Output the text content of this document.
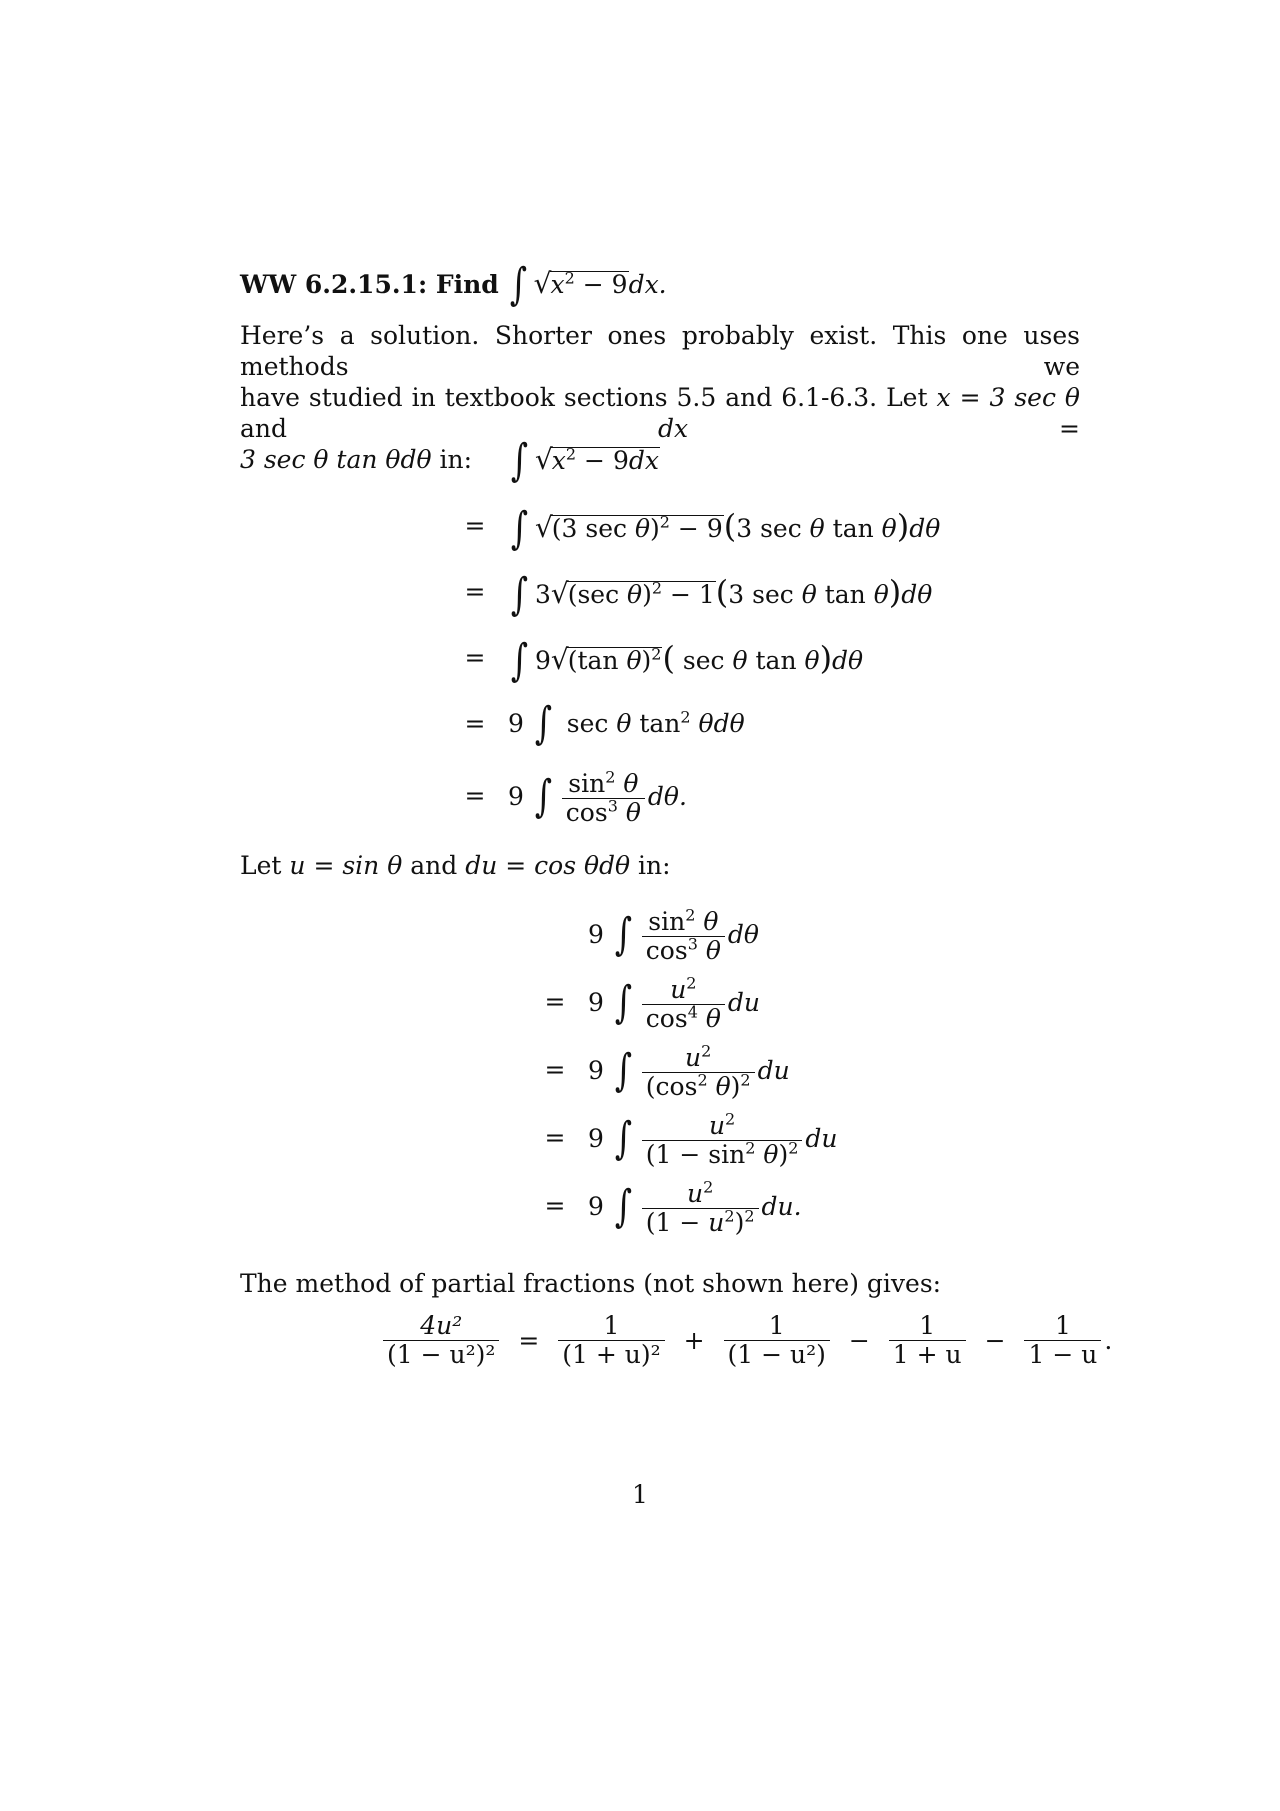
WW 6.2.15.1: Find ∫ $√x^2 - 9dx$.
Here’s a solution. Shorter ones probably exist. This one uses methods we
have studied in textbook sections 5.5 and 6.1-6.3. Let x = 3 sec θ and	dx =
3 sec θ tan θdθ in: ∫ $√x^2 - 9dx$
= ∫ √(3 sec θ)$^2$ − 9(3 sec θ tan θ)dθ
= ∫ 3√(sec θ)$^2$ − 1(3 sec θ tan θ)dθ
= ∫ 9√(tan θ)$^2$( sec θ tan θ)dθ
= 9 ∫ sec θ $\tan^2 \theta d\theta$
= 9 ∫ $\frac{\sin^2 \theta}{\cos^3 \theta} d\theta$.
Let u = sin θ and du = cos θdθ in:
9 ∫ $\frac{\sin^2 \theta}{\cos^3 \theta}$ dθ
= 9 ∫ $\frac{u^2}{\cos^4 \theta}$ du
= 9 ∫ $\frac{u^2}{(\cos^2 \theta)^2}$ du
= 9 ∫ $\frac{u^2}{(1 - \sin^2 \theta)^2}$ du
= 9 ∫ $\frac{u^2}{(1 - u^2)^2}$ du.
The method of partial fractions (not shown here) gives:
$\frac{\text{4u²}}{\text{(1 − u²)²}} = \frac{1}{\text{(1 + u)²}} + \frac{1}{\text{(1 − u²)}} - \frac{1}{1 + u} - \frac{1}{1 - u}$ .
1
